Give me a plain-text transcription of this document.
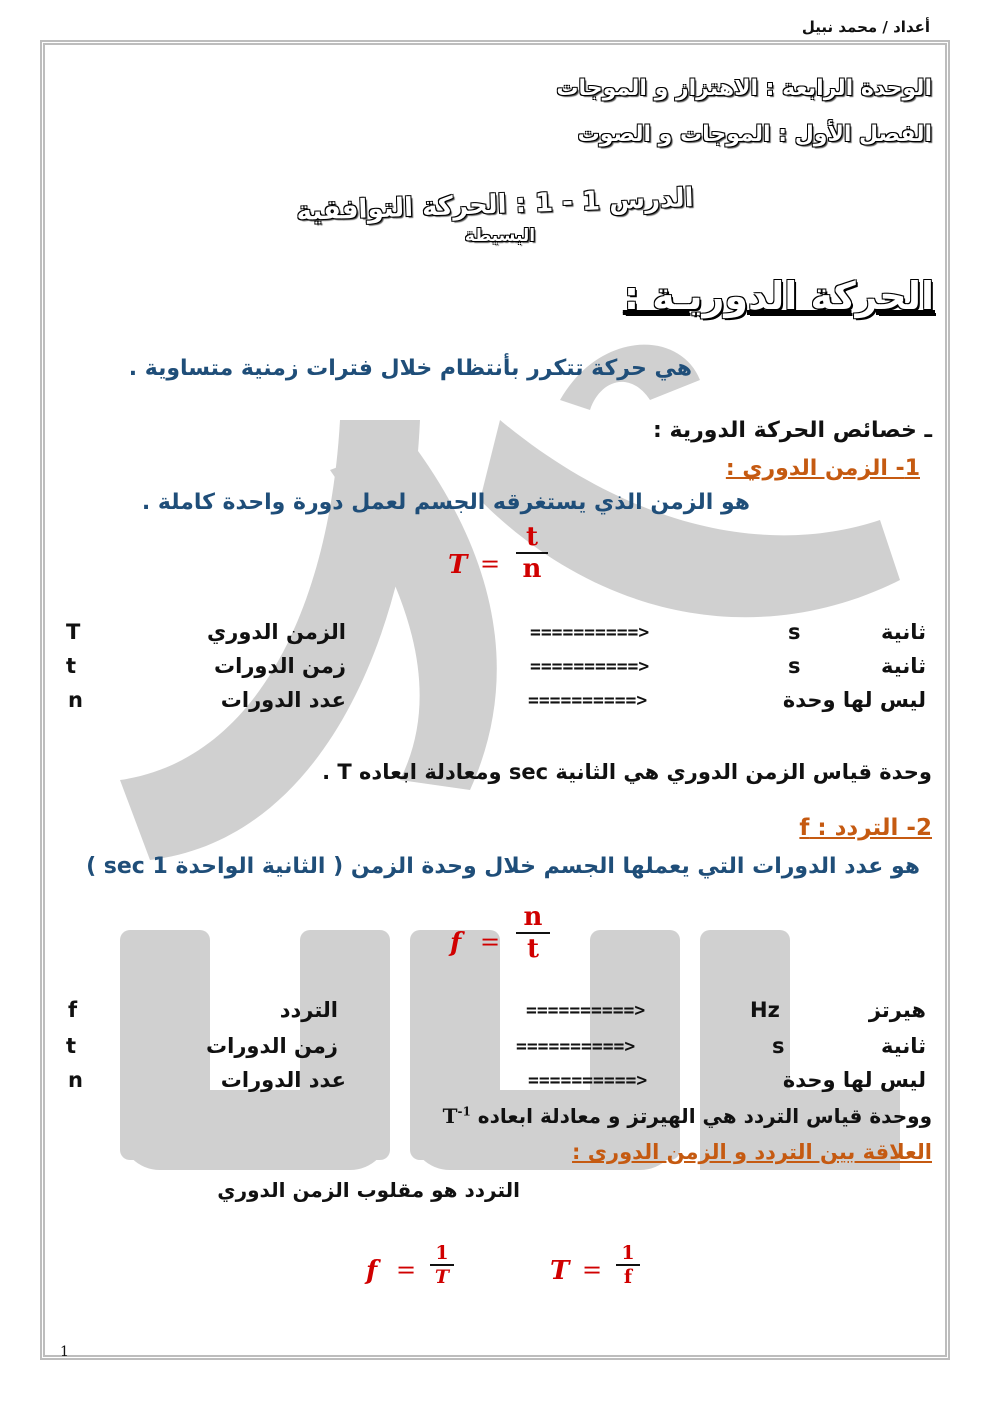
أعداد / محمد نبيل
الوحدة الرابعة : الاهتزاز و الموجات
الفصل الأول : الموجات و الصوت
الدرس 1 - 1 : الحركة التوافقية
البسيطة
الحركة الدوريـة :
هي حركة تتكرر بأنتظام خلال فترات زمنية متساوية .
ـ خصائص الحركة الدورية :
1- الزمن الدوري :
هو الزمن الذي يستغرقه الجسم لعمل دورة واحدة كاملة .
T =
t
n
T	الزمن الدوري	==========>	s	ثانية
t	زمن الدورات	==========>	s	ثانية
n	عدد الدورات	==========>	ليس لها وحدة
وحدة قياس الزمن الدوري هي الثانية sec ومعادلة ابعاده T .
2- التردد : f
هو عدد الدورات التي يعملها الجسم خلال وحدة الزمن ( الثانية الواحدة 1 sec )
f =
n
t
f	التردد	==========>	Hz	هيرتز
t	زمن الدورات	==========>	s	ثانية
n	عدد الدورات	==========>	ليس لها وحدة
ووحدة قياس التردد هي الهيرتز و معادلة ابعاده $T^{-1}$
العلاقة بين التردد و الزمن الدورى :
التردد هو مقلوب الزمن الدوري
f =
1
T	T =
1
f
1
